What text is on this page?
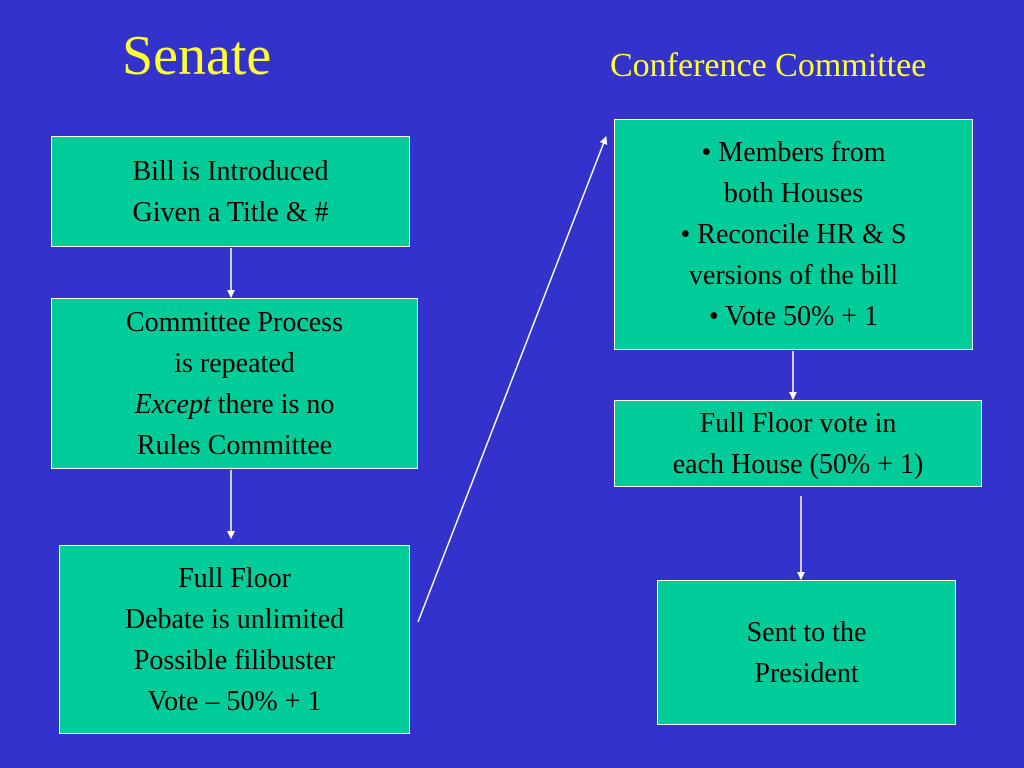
Senate	Conference Committee
Bill is Introduced
Given a Title & #
Committee Process
is repeated
Except there is no
Rules Committee
Full Floor
Debate is unlimited
Possible filibuster
Vote – 50% + 1
• Members from
both Houses
• Reconcile HR & S
versions of the bill
• Vote 50% + 1
Full Floor vote in
each House (50% + 1)
Sent to the
President
